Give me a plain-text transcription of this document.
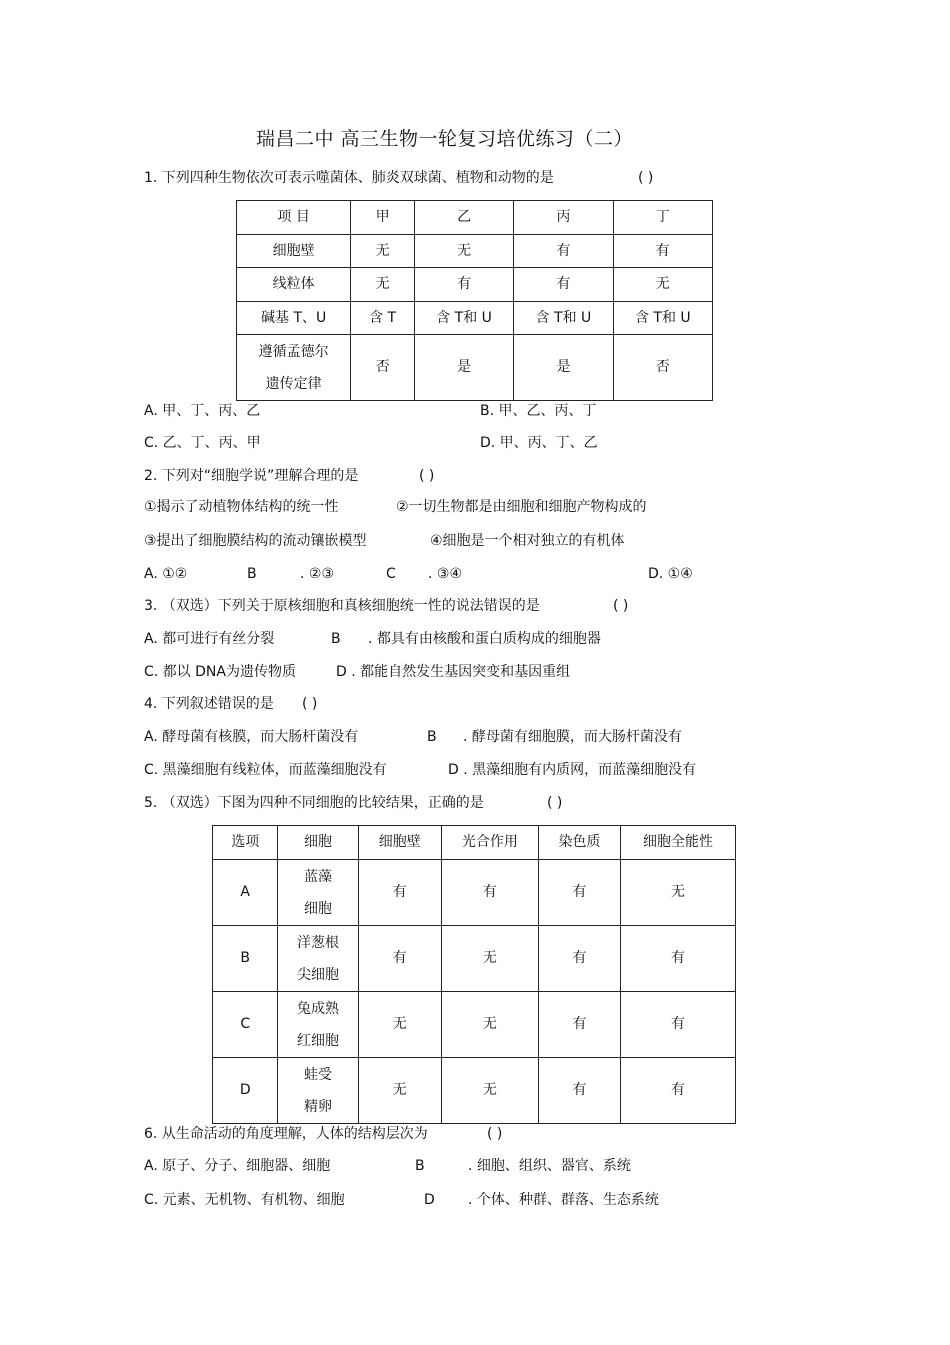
瑞昌二中 高三生物一轮复习培优练习（二）
1. 下列四种生物依次可表示噬菌体、肺炎双球菌、植物和动物的是	( )
项 目	甲	乙	丙	丁
细胞壁	无	无	有	有
线粒体	无	有	有	无
碱基 T、U	含 T	含 T和 U	含 T和 U	含 T和 U

遵循孟德尔
遗传定律	否	是	是	否
A. 甲、丁、丙、乙	B. 甲、乙、丙、丁
C. 乙、丁、丙、甲	D. 甲、丙、丁、乙
2. 下列对“细胞学说”理解合理的是	( )
①揭示了动植物体结构的统一性	②一切生物都是由细胞和细胞产物构成的
③提出了细胞膜结构的流动镶嵌模型	④细胞是一个相对独立的有机体
A. ①②	B	. ②③	C . ③④	D. ①④
3. （双选）下列关于原核细胞和真核细胞统一性的说法错误的是	( )
A. 都可进行有丝分裂	B . 都具有由核酸和蛋白质构成的细胞器
C. 都以 DNA为遗传物质	D . 都能自然发生基因突变和基因重组
4. 下列叙述错误的是 ( )
A. 酵母菌有核膜，而大肠杆菌没有	B . 酵母菌有细胞膜，而大肠杆菌没有
C. 黑藻细胞有线粒体，而蓝藻细胞没有	D . 黑藻细胞有内质网，而蓝藻细胞没有
5. （双选）下图为四种不同细胞的比较结果，正确的是	( )
选项	细胞	细胞壁	光合作用	染色质	细胞全能性
A	蓝藻
细胞	有	有	有	无
B	洋葱根
尖细胞	有	无	有	有
C	兔成熟
红细胞	无	无	有	有
D	蛙受
精卵	无	无	有	有
6. 从生命活动的角度理解，人体的结构层次为	( )
A. 原子、分子、细胞器、细胞	B	. 细胞、组织、器官、系统
C. 元素、无机物、有机物、细胞	D . 个体、种群、群落、生态系统
